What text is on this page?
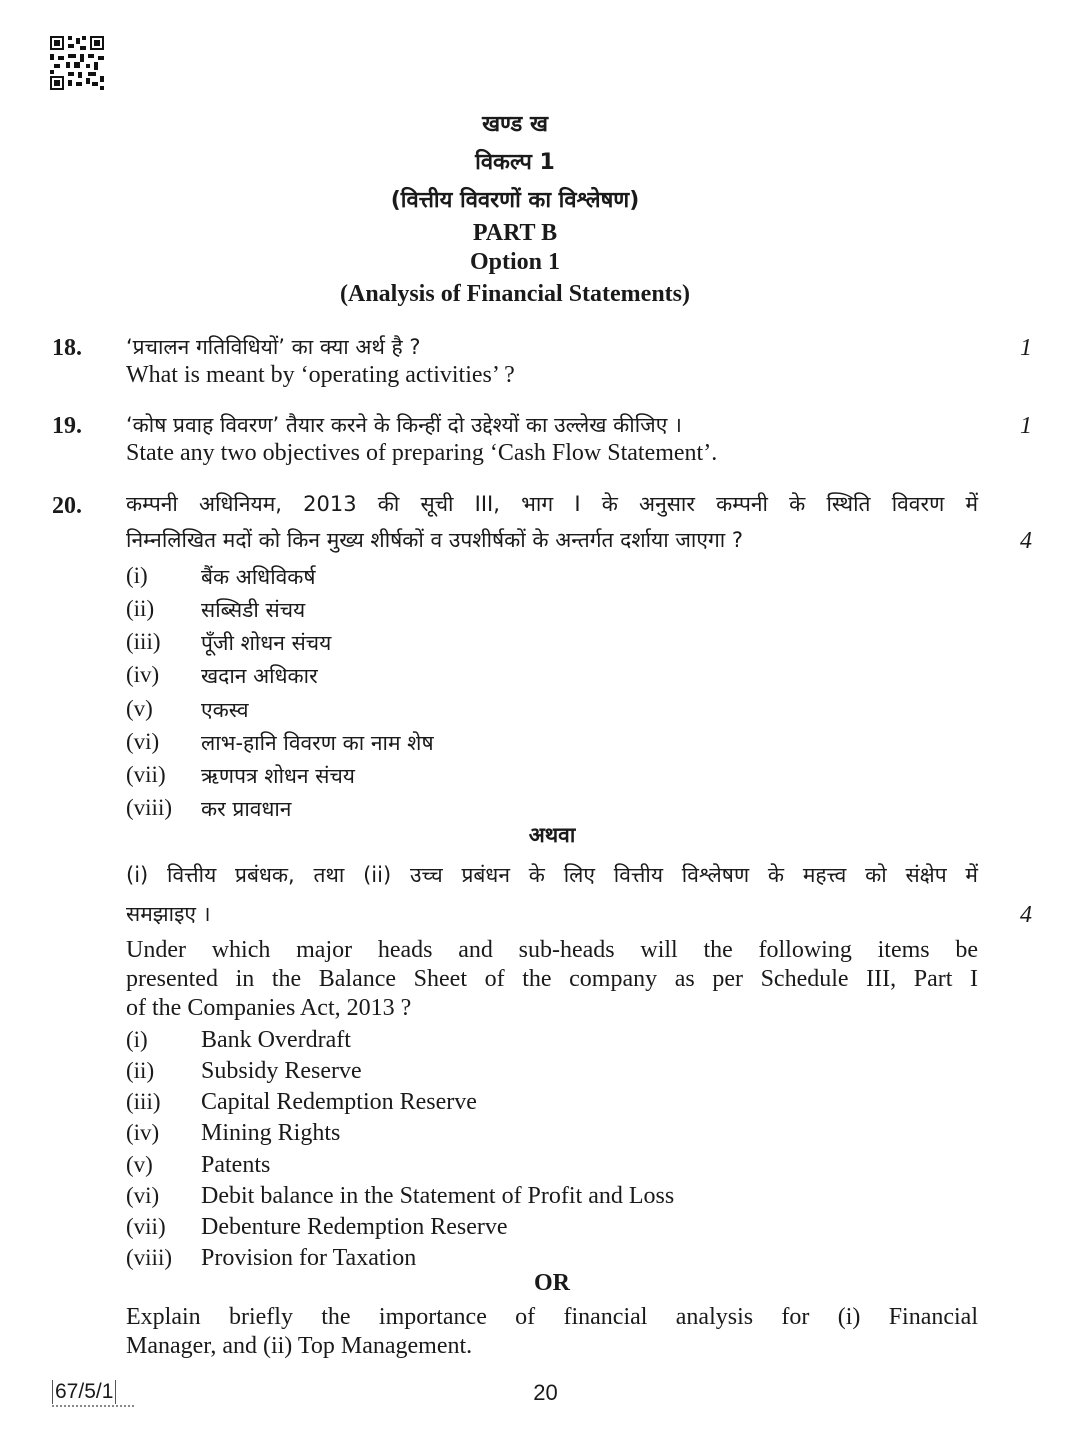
खण्ड ख
विकल्प 1
(वित्तीय विवरणों का विश्लेषण)
PART B
Option 1
(Analysis of Financial Statements)
18. ‘प्रचालन गतिविधियों’ का क्या अर्थ है ?
What is meant by ‘operating activities’ ?
1
19. ‘कोष प्रवाह विवरण’ तैयार करने के किन्हीं दो उद्देश्यों का उल्लेख कीजिए ।
State any two objectives of preparing ‘Cash Flow Statement’.
1
20. कम्पनी अधिनियम, 2013 की सूची III, भाग I के अनुसार कम्पनी के स्थिति विवरण में
निम्नलिखित मदों को किन मुख्य शीर्षकों व उपशीर्षकों के अन्तर्गत दर्शाया जाएगा ?	4
(i)	बैंक अधिविकर्ष
(ii) सब्सिडी संचय
(iii) पूँजी शोधन संचय
(iv) खदान अधिकार
(v) एकस्व
(vi) लाभ-हानि विवरण का नाम शेष
(vii) ऋणपत्र शोधन संचय
(viii) कर प्रावधान
अथवा
(i) वित्तीय प्रबंधक, तथा (ii) उच्च प्रबंधन के लिए वित्तीय विश्लेषण के महत्त्व को संक्षेप में
समझाइए ।	4
Under which major heads and sub-heads will the following items be
presented in the Balance Sheet of the company as per Schedule III, Part I
of the Companies Act, 2013 ?
(i) Bank Overdraft
(ii) Subsidy Reserve
(iii) Capital Redemption Reserve
(iv) Mining Rights
(v) Patents
(vi) Debit balance in the Statement of Profit and Loss
(vii) Debenture Redemption Reserve
(viii) Provision for Taxation
OR
Explain briefly the importance of financial analysis for (i) Financial
Manager, and (ii) Top Management.
67/5/1	20
